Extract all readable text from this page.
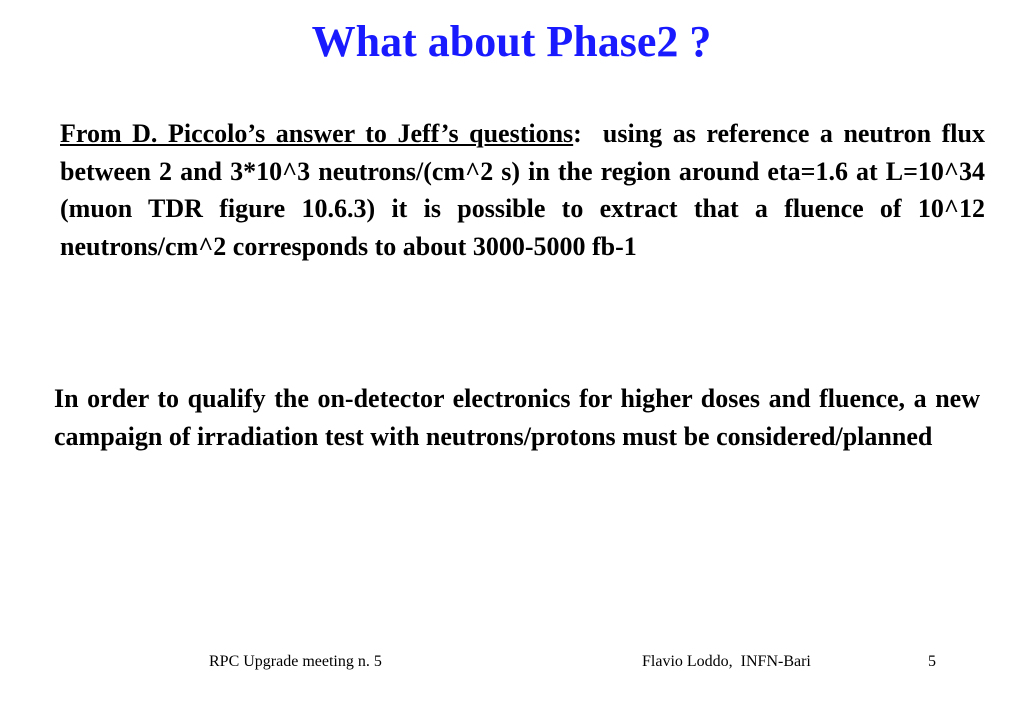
What about Phase2 ?
From D. Piccolo’s answer to Jeff’s questions: using as reference a neutron flux between 2 and 3*10^3 neutrons/(cm^2 s) in the region around eta=1.6 at L=10^34 (muon TDR figure 10.6.3) it is possible to extract that a fluence of 10^12 neutrons/cm^2 corresponds to about 3000-5000 fb-1
In order to qualify the on-detector electronics for higher doses and fluence, a new campaign of irradiation test with neutrons/protons must be considered/planned
RPC Upgrade meeting n. 5	Flavio Loddo,  INFN-Bari	5
